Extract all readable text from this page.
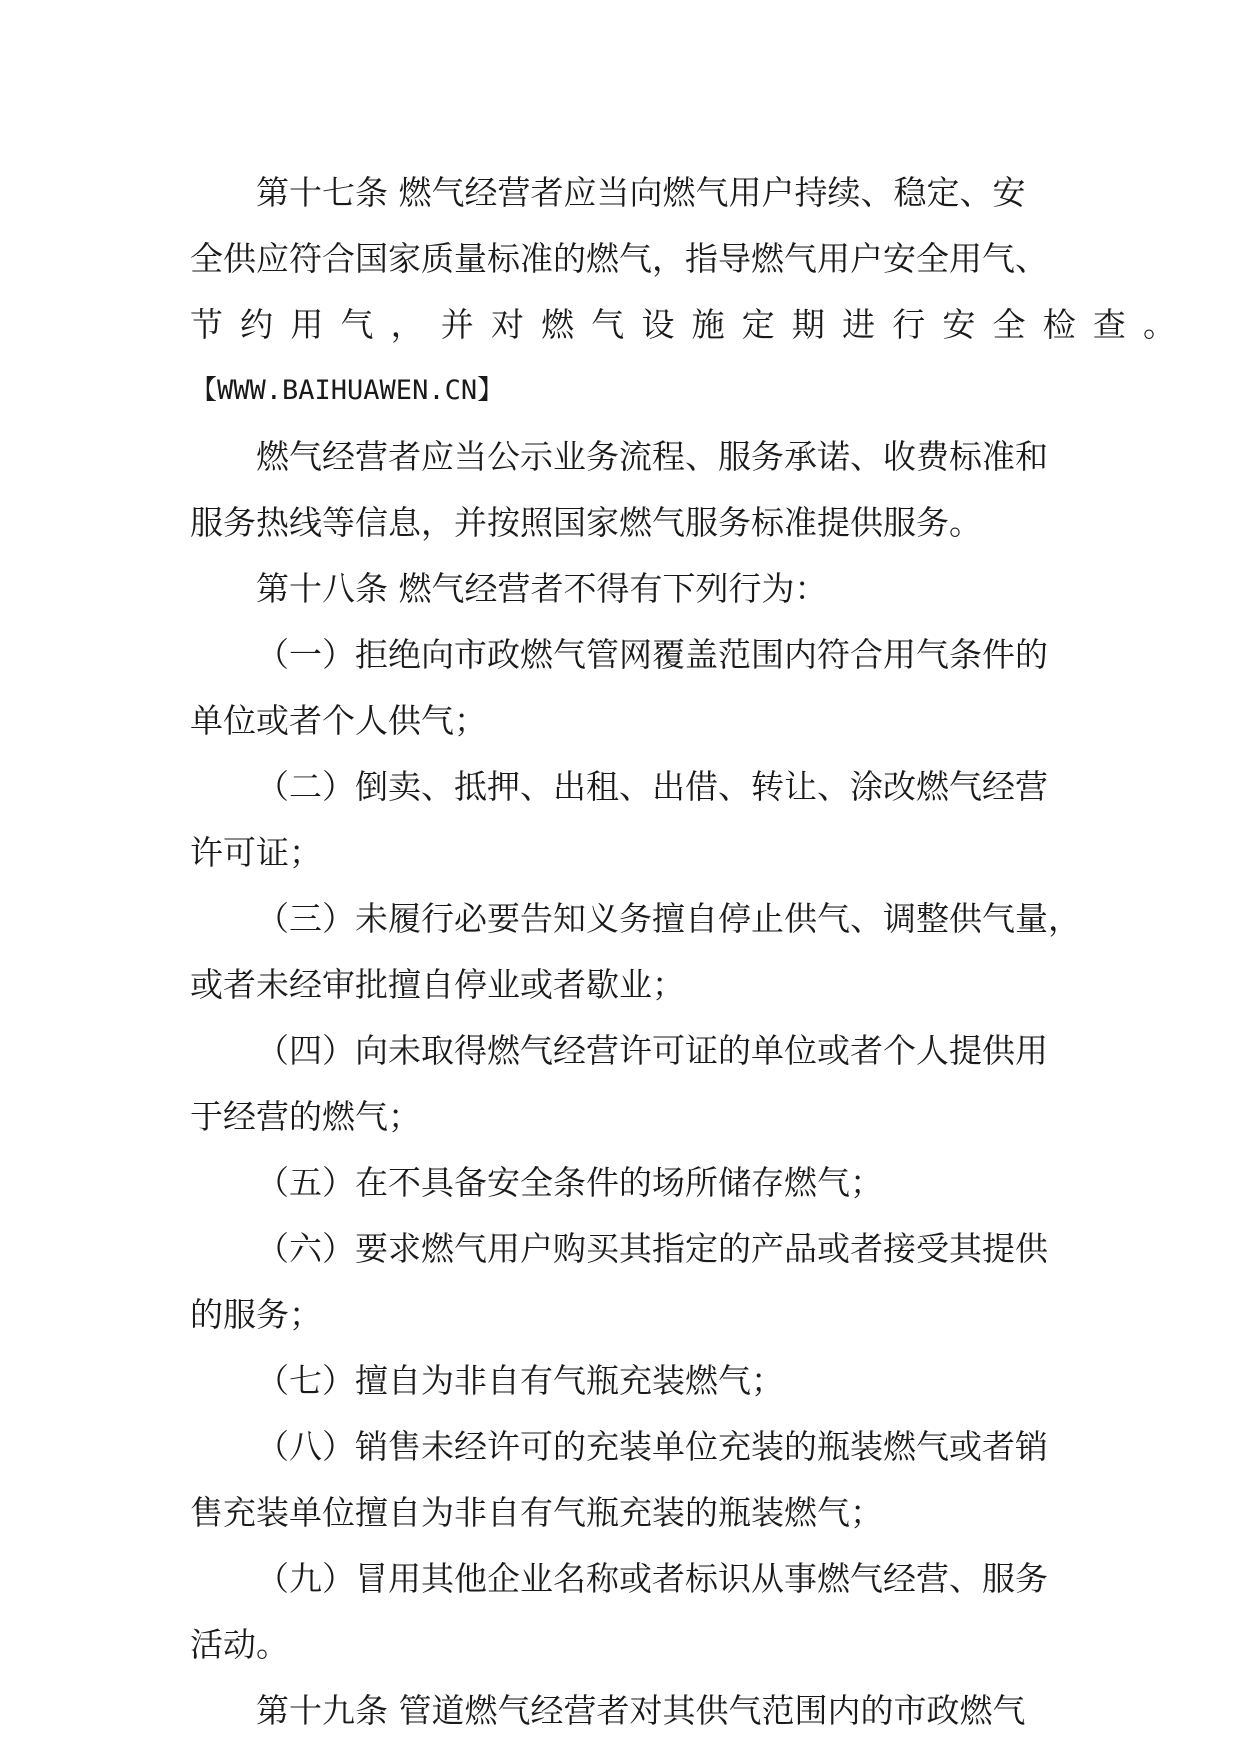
第十七条 燃气经营者应当向燃气用户持续、稳定、安
全供应符合国家质量标准的燃气，指导燃气用户安全用气、
节约用气，并对燃气设施定期进行安全检查。
【WWW.BAIHUAWEN.CN】
燃气经营者应当公示业务流程、服务承诺、收费标准和
服务热线等信息，并按照国家燃气服务标准提供服务。
第十八条 燃气经营者不得有下列行为：
（一）拒绝向市政燃气管网覆盖范围内符合用气条件的
单位或者个人供气；
（二）倒卖、抵押、出租、出借、转让、涂改燃气经营
许可证；
（三）未履行必要告知义务擅自停止供气、调整供气量，
或者未经审批擅自停业或者歇业；
（四）向未取得燃气经营许可证的单位或者个人提供用
于经营的燃气；
（五）在不具备安全条件的场所储存燃气；
（六）要求燃气用户购买其指定的产品或者接受其提供
的服务；
（七）擅自为非自有气瓶充装燃气；
（八）销售未经许可的充装单位充装的瓶装燃气或者销
售充装单位擅自为非自有气瓶充装的瓶装燃气；
（九）冒用其他企业名称或者标识从事燃气经营、服务
活动。
第十九条 管道燃气经营者对其供气范围内的市政燃气
